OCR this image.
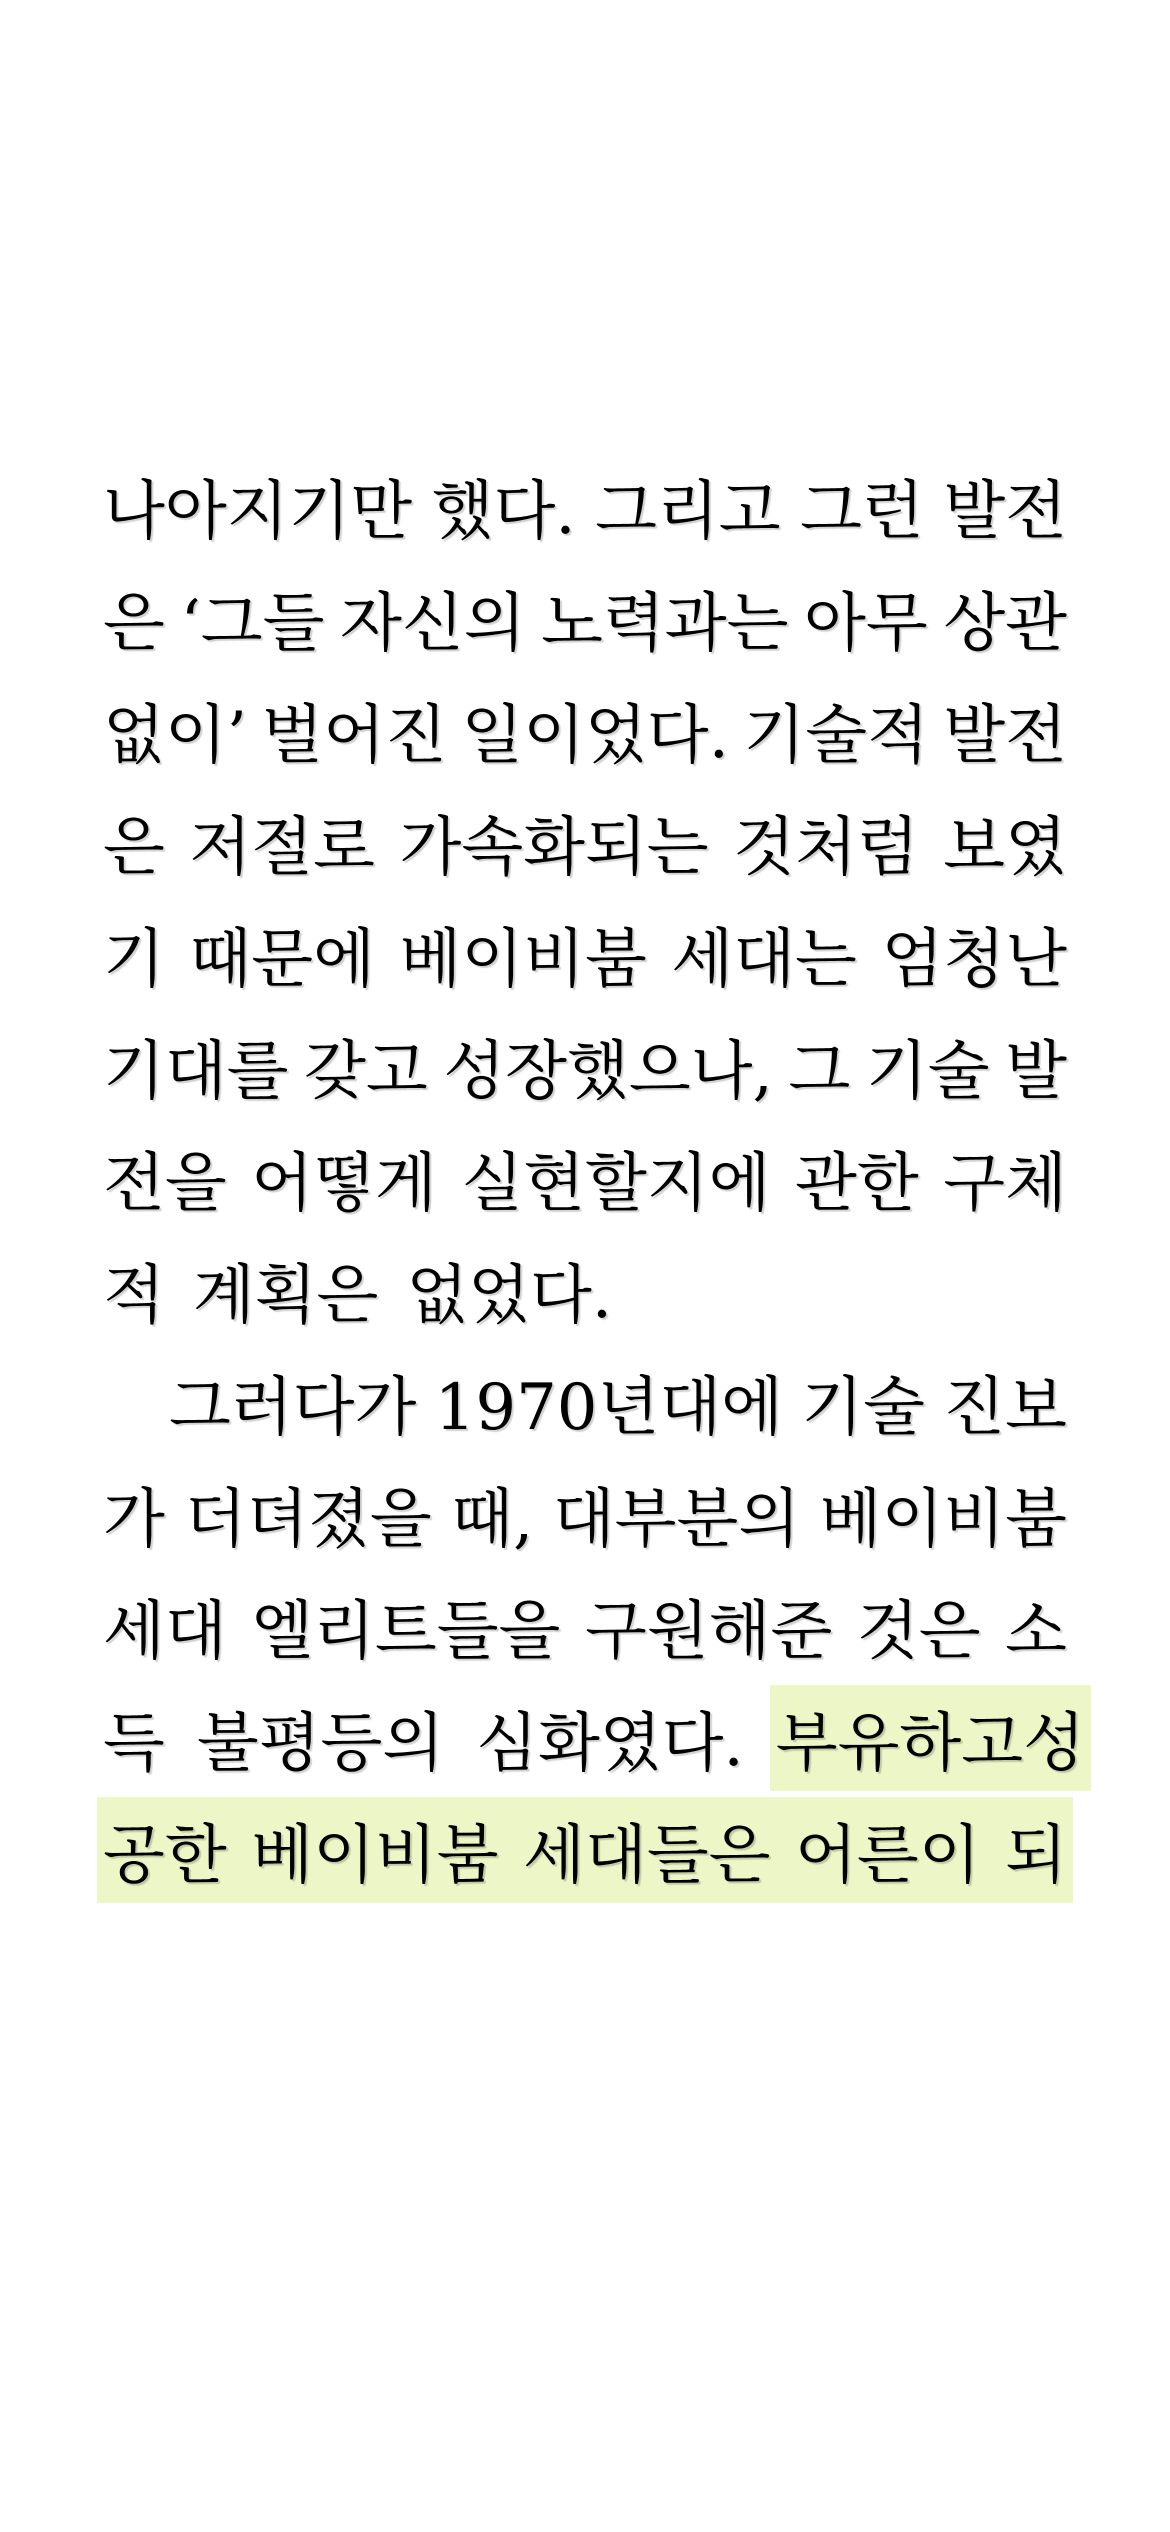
나아지기만 했다. 그리고 그런 발전
은 ‘그들 자신의 노력과는 아무 상관
없이’ 벌어진 일이었다. 기술적 발전
은 저절로 가속화되는 것처럼 보였
기 때문에 베이비붐 세대는 엄청난
기대를 갖고 성장했으나, 그 기술 발
전을 어떻게 실현할지에 관한 구체
적 계획은 없었다.
그러다가 1970년대에 기술 진보
가 더뎌졌을 때, 대부분의 베이비붐
세대 엘리트들을 구원해준 것은 소
득 불평등의 심화였다. 부유하고 성
공한 베이비붐 세대들은 어른이 되
